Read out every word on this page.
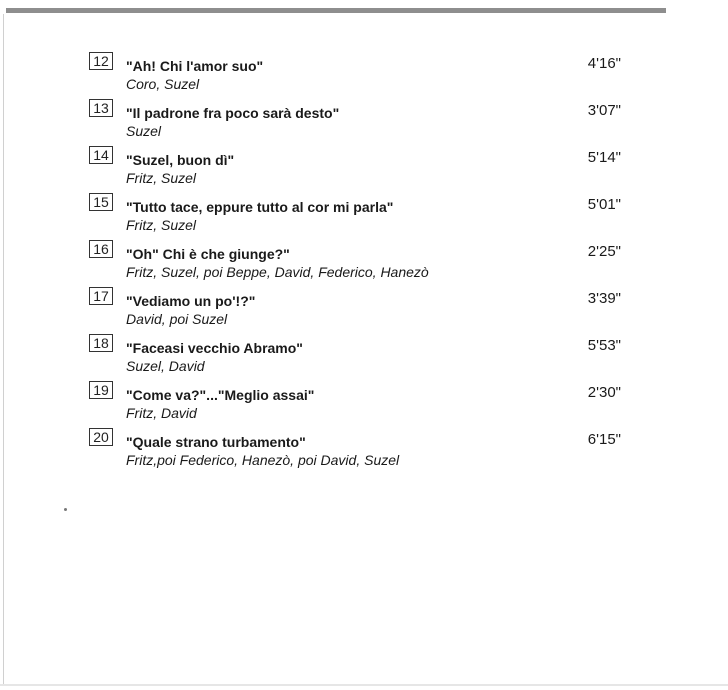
12	"Ah! Chi l'amor suo"
Coro, Suzel
4'16"
13	"Il padrone fra poco sarà desto"
Suzel
3'07"
14	"Suzel, buon dì"
Fritz, Suzel
5'14"
15	"Tutto tace, eppure tutto al cor mi parla"
Fritz, Suzel
5'01"
16	"Oh" Chi è che giunge?"
Fritz, Suzel, poi Beppe, David, Federico, Hanezò
2'25"
17	"Vediamo un po'!?"
David, poi Suzel
3'39"
18	"Faceasi vecchio Abramo"
Suzel, David
5'53"
19	"Come va?"..."Meglio assai"
Fritz, David
2'30"
20	"Quale strano turbamento"
Fritz,poi Federico, Hanezò, poi David, Suzel
6'15"
